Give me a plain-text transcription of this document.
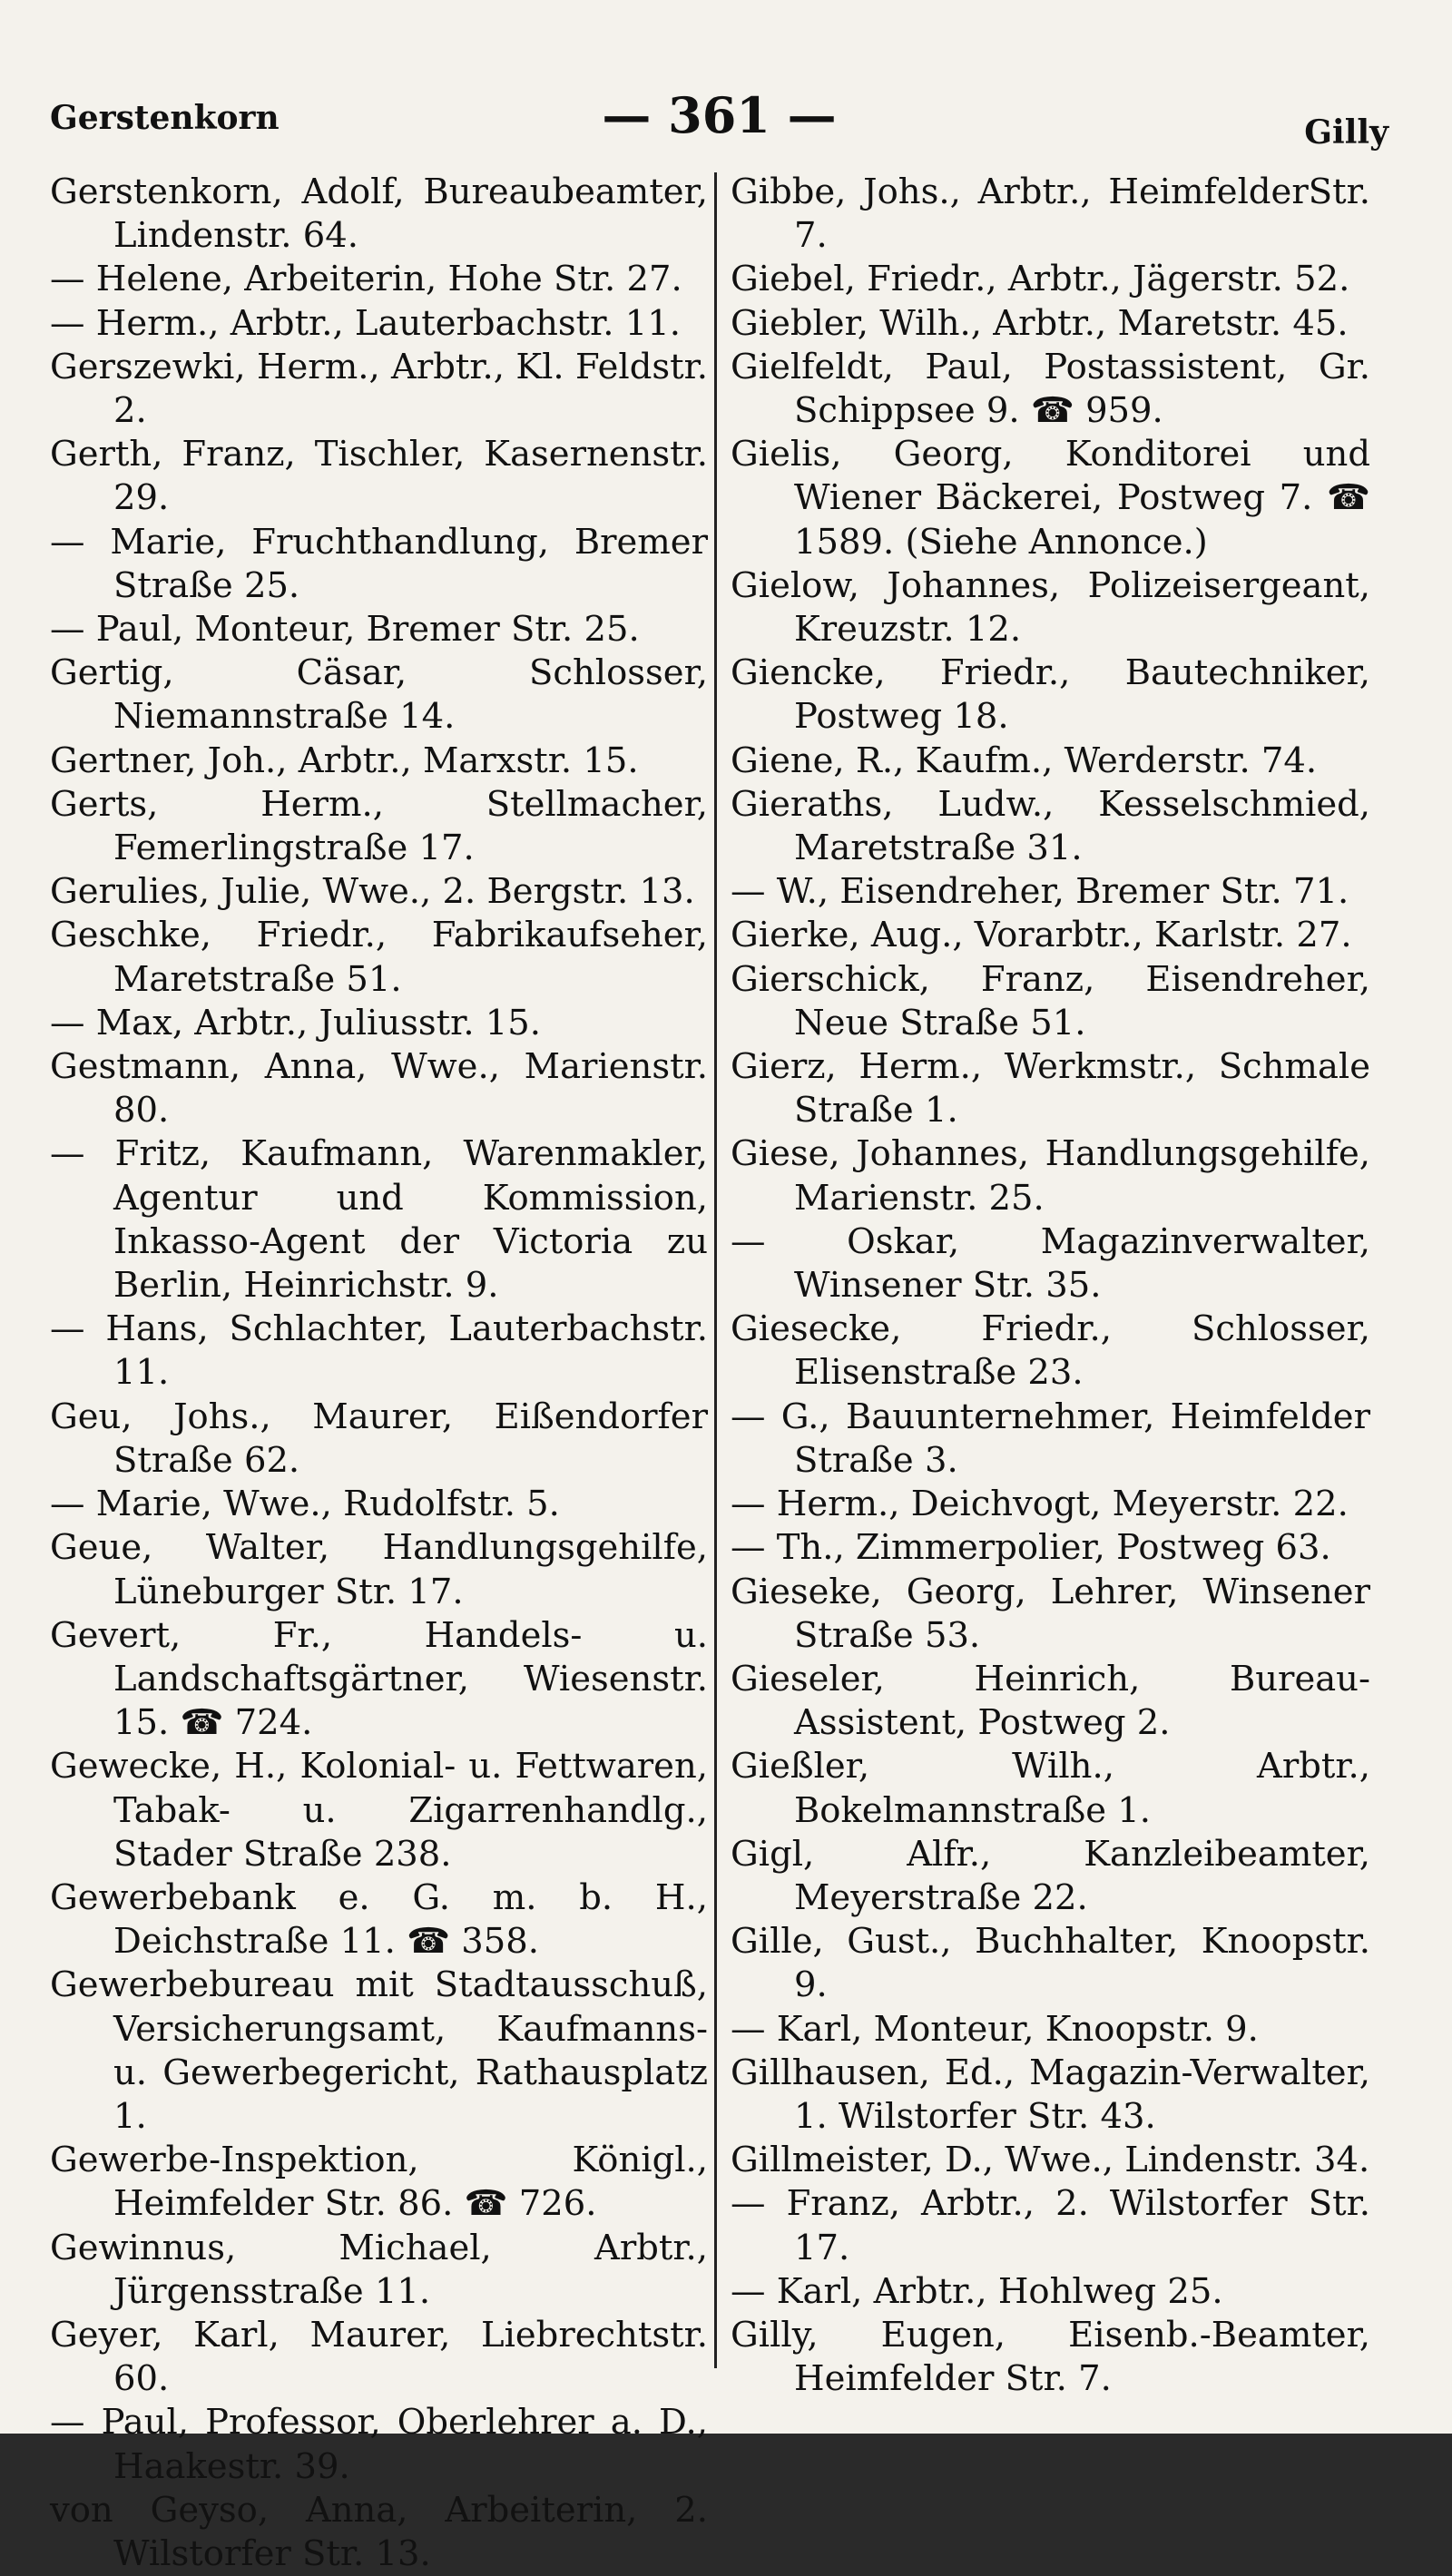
Gerstenkorn	— 361 —	Gilly
Gerstenkorn, Adolf, Bureaubeamter, Lindenstr. 64.
— Helene, Arbeiterin, Hohe Str. 27.
— Herm., Arbtr., Lauterbachstr. 11.
Gerszewki, Herm., Arbtr., Kl. Feldstr. 2.
Gerth, Franz, Tischler, Kasernenstr. 29.
— Marie, Fruchthandlung, Bremer Straße 25.
— Paul, Monteur, Bremer Str. 25.
Gertig, Cäsar, Schlosser, Niemannstraße 14.
Gertner, Joh., Arbtr., Marxstr. 15.
Gerts, Herm., Stellmacher, Femerlingstraße 17.
Gerulies, Julie, Wwe., 2. Bergstr. 13.
Geschke, Friedr., Fabrikaufseher, Maretstraße 51.
— Max, Arbtr., Juliusstr. 15.
Gestmann, Anna, Wwe., Marienstr. 80.
— Fritz, Kaufmann, Warenmakler, Agentur und Kommission, Inkasso-Agent der Victoria zu Berlin, Heinrichstr. 9.
— Hans, Schlachter, Lauterbachstr. 11.
Geu, Johs., Maurer, Eißendorfer Straße 62.
— Marie, Wwe., Rudolfstr. 5.
Geue, Walter, Handlungsgehilfe, Lüneburger Str. 17.
Gevert, Fr., Handels- u. Landschaftsgärtner, Wiesenstr. 15. ☎ 724.
Gewecke, H., Kolonial- u. Fettwaren, Tabak- u. Zigarrenhandlg., Stader Straße 238.
Gewerbebank e. G. m. b. H., Deichstraße 11. ☎ 358.
Gewerbebureau mit Stadtausschuß, Versicherungsamt, Kaufmanns- u. Gewerbegericht, Rathausplatz 1.
Gewerbe-Inspektion, Königl., Heimfelder Str. 86. ☎ 726.
Gewinnus, Michael, Arbtr., Jürgensstraße 11.
Geyer, Karl, Maurer, Liebrechtstr. 60.
— Paul, Professor, Oberlehrer a. D., Haakestr. 39.
von Geyso, Anna, Arbeiterin, 2. Wilstorfer Str. 13.
Gibbe, Johs., Arbtr., HeimfelderStr. 7.
Giebel, Friedr., Arbtr., Jägerstr. 52.
Giebler, Wilh., Arbtr., Maretstr. 45.
Gielfeldt, Paul, Postassistent, Gr. Schippsee 9. ☎ 959.
Gielis, Georg, Konditorei und Wiener Bäckerei, Postweg 7. ☎ 1589. (Siehe Annonce.)
Gielow, Johannes, Polizeisergeant, Kreuzstr. 12.
Giencke, Friedr., Bautechniker, Postweg 18.
Giene, R., Kaufm., Werderstr. 74.
Gieraths, Ludw., Kesselschmied, Maretstraße 31.
— W., Eisendreher, Bremer Str. 71.
Gierke, Aug., Vorarbtr., Karlstr. 27.
Gierschick, Franz, Eisendreher, Neue Straße 51.
Gierz, Herm., Werkmstr., Schmale Straße 1.
Giese, Johannes, Handlungsgehilfe, Marienstr. 25.
— Oskar, Magazinverwalter, Winsener Str. 35.
Giesecke, Friedr., Schlosser, Elisenstraße 23.
— G., Bauunternehmer, Heimfelder Straße 3.
— Herm., Deichvogt, Meyerstr. 22.
— Th., Zimmerpolier, Postweg 63.
Gieseke, Georg, Lehrer, Winsener Straße 53.
Gieseler, Heinrich, Bureau-Assistent, Postweg 2.
Gießler, Wilh., Arbtr., Bokelmannstraße 1.
Gigl, Alfr., Kanzleibeamter, Meyerstraße 22.
Gille, Gust., Buchhalter, Knoopstr. 9.
— Karl, Monteur, Knoopstr. 9.
Gillhausen, Ed., Magazin-Verwalter, 1. Wilstorfer Str. 43.
Gillmeister, D., Wwe., Lindenstr. 34.
— Franz, Arbtr., 2. Wilstorfer Str. 17.
— Karl, Arbtr., Hohlweg 25.
Gilly, Eugen, Eisenb.-Beamter, Heimfelder Str. 7.
